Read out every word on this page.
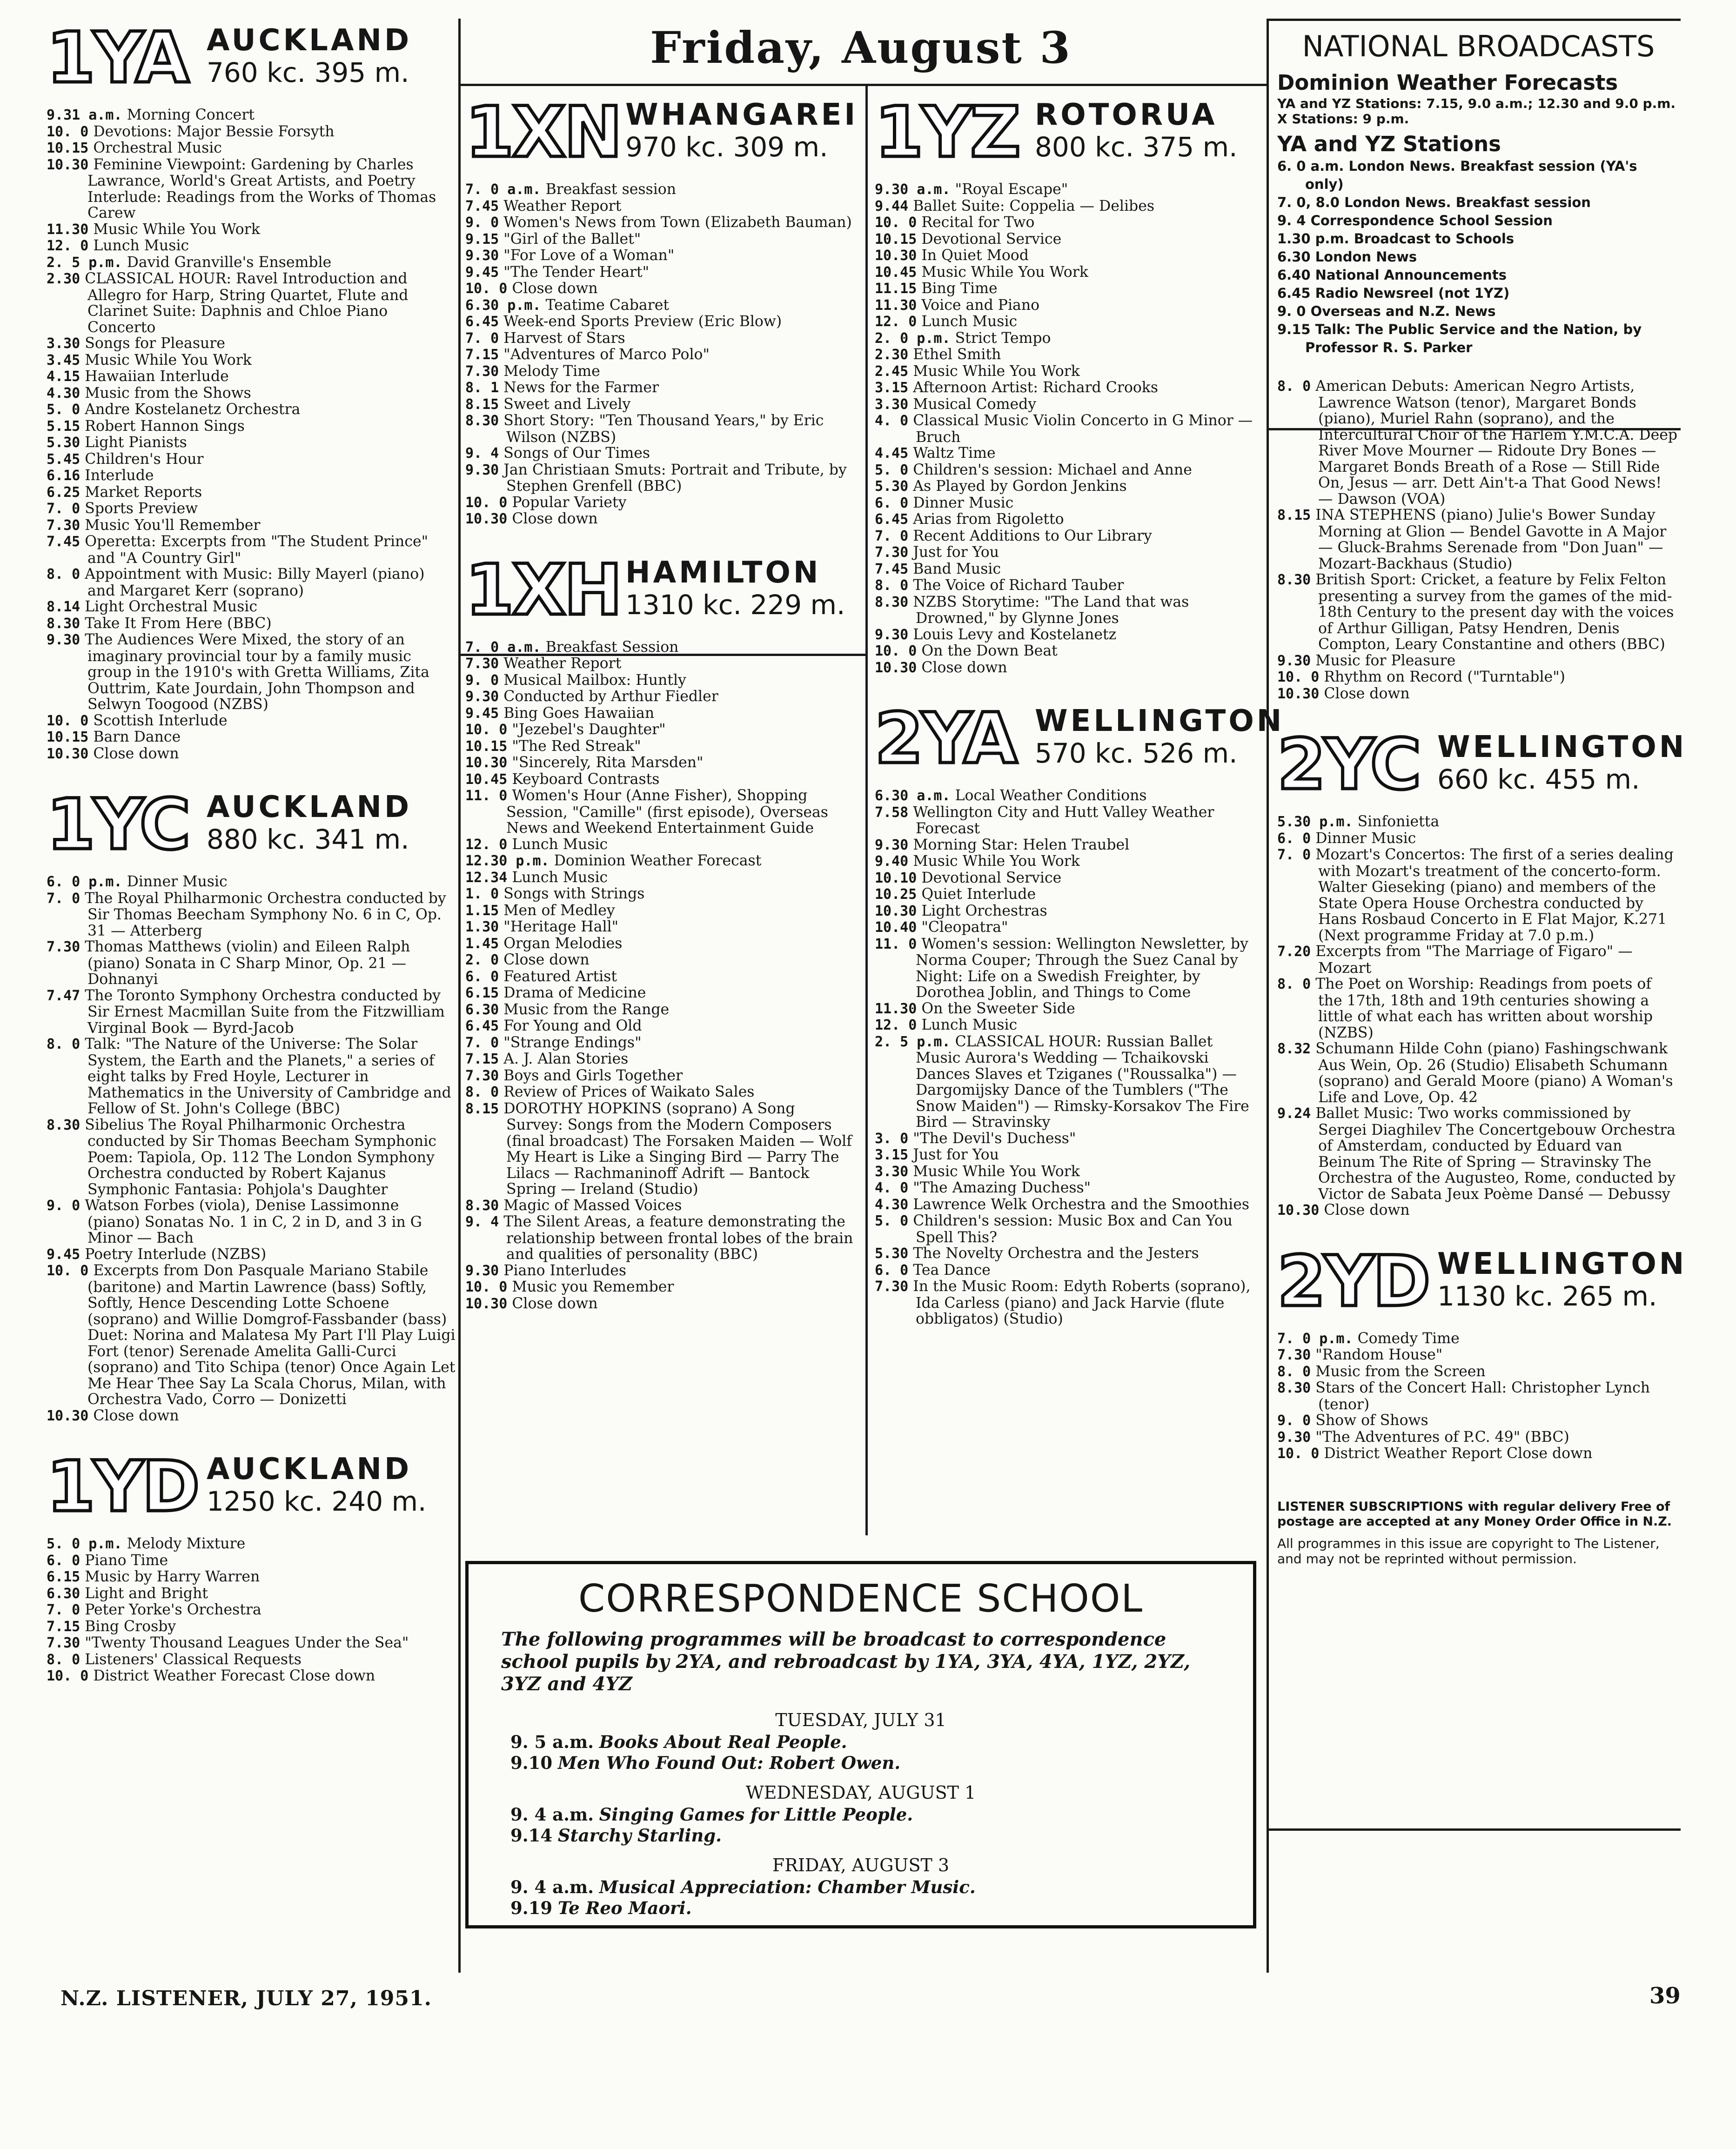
Friday, August 3
1YA AUCKLAND
760 kc. 395 m.
9.31 a.m. Morning Concert
10. 0 Devotions: Major Bessie Forsyth
10.15 Orchestral Music
10.30 Feminine Viewpoint: Gardening by Charles Lawrance, World's Great Artists, and Poetry Interlude: Readings from the Works of Thomas Carew
11.30 Music While You Work
12. 0 Lunch Music
2. 5 p.m. David Granville's Ensemble
2.30 CLASSICAL HOUR: Ravel Introduction and Allegro for Harp, String Quartet, Flute and Clarinet Suite: Daphnis and Chloe Piano Concerto
3.30 Songs for Pleasure
3.45 Music While You Work
4.15 Hawaiian Interlude
4.30 Music from the Shows
5. 0 Andre Kostelanetz Orchestra
5.15 Robert Hannon Sings
5.30 Light Pianists
5.45 Children's Hour
6.16 Interlude
6.25 Market Reports
7. 0 Sports Preview
7.30 Music You'll Remember
7.45 Operetta: Excerpts from "The Student Prince" and "A Country Girl"
8. 0 Appointment with Music: Billy Mayerl (piano) and Margaret Kerr (soprano)
8.14 Light Orchestral Music
8.30 Take It From Here (BBC)
9.30 The Audiences Were Mixed, the story of an imaginary provincial tour by a family music group in the 1910's with Gretta Williams, Zita Outtrim, Kate Jourdain, John Thompson and Selwyn Toogood (NZBS)
10. 0 Scottish Interlude
10.15 Barn Dance
10.30 Close down
1YC AUCKLAND
880 kc. 341 m.
6. 0 p.m. Dinner Music
7. 0 The Royal Philharmonic Orchestra conducted by Sir Thomas Beecham Symphony No. 6 in C, Op. 31 — Atterberg
7.30 Thomas Matthews (violin) and Eileen Ralph (piano) Sonata in C Sharp Minor, Op. 21 — Dohnanyi
7.47 The Toronto Symphony Orchestra conducted by Sir Ernest Macmillan Suite from the Fitzwilliam Virginal Book — Byrd-Jacob
8. 0 Talk: "The Nature of the Universe: The Solar System, the Earth and the Planets," a series of eight talks by Fred Hoyle, Lecturer in Mathematics in the University of Cambridge and Fellow of St. John's College (BBC)
8.30 Sibelius The Royal Philharmonic Orchestra conducted by Sir Thomas Beecham Symphonic Poem: Tapiola, Op. 112 The London Symphony Orchestra conducted by Robert Kajanus Symphonic Fantasia: Pohjola's Daughter
9. 0 Watson Forbes (viola), Denise Lassimonne (piano) Sonatas No. 1 in C, 2 in D, and 3 in G Minor — Bach
9.45 Poetry Interlude (NZBS)
10. 0 Excerpts from Don Pasquale Mariano Stabile (baritone) and Martin Lawrence (bass) Softly, Softly, Hence Descending Lotte Schoene (soprano) and Willie Domgrof-Fassbander (bass) Duet: Norina and Malatesa My Part I'll Play Luigi Fort (tenor) Serenade Amelita Galli-Curci (soprano) and Tito Schipa (tenor) Once Again Let Me Hear Thee Say La Scala Chorus, Milan, with Orchestra Vado, Corro — Donizetti
10.30 Close down
1YD AUCKLAND
1250 kc. 240 m.
5. 0 p.m. Melody Mixture
6. 0 Piano Time
6.15 Music by Harry Warren
6.30 Light and Bright
7. 0 Peter Yorke's Orchestra
7.15 Bing Crosby
7.30 "Twenty Thousand Leagues Under the Sea"
8. 0 Listeners' Classical Requests
10. 0 District Weather Forecast Close down
1XN WHANGAREI
970 kc. 309 m.
7. 0 a.m. Breakfast session
7.45 Weather Report
9. 0 Women's News from Town (Elizabeth Bauman)
9.15 "Girl of the Ballet"
9.30 "For Love of a Woman"
9.45 "The Tender Heart"
10. 0 Close down
6.30 p.m. Teatime Cabaret
6.45 Week-end Sports Preview (Eric Blow)
7. 0 Harvest of Stars
7.15 "Adventures of Marco Polo"
7.30 Melody Time
8. 1 News for the Farmer
8.15 Sweet and Lively
8.30 Short Story: "Ten Thousand Years," by Eric Wilson (NZBS)
9. 4 Songs of Our Times
9.30 Jan Christiaan Smuts: Portrait and Tribute, by Stephen Grenfell (BBC)
10. 0 Popular Variety
10.30 Close down
1XH HAMILTON
1310 kc. 229 m.
7. 0 a.m. Breakfast Session
7.30 Weather Report
9. 0 Musical Mailbox: Huntly
9.30 Conducted by Arthur Fiedler
9.45 Bing Goes Hawaiian
10. 0 "Jezebel's Daughter"
10.15 "The Red Streak"
10.30 "Sincerely, Rita Marsden"
10.45 Keyboard Contrasts
11. 0 Women's Hour (Anne Fisher), Shopping Session, "Camille" (first episode), Overseas News and Weekend Entertainment Guide
12. 0 Lunch Music
12.30 p.m. Dominion Weather Forecast
12.34 Lunch Music
1. 0 Songs with Strings
1.15 Men of Medley
1.30 "Heritage Hall"
1.45 Organ Melodies
2. 0 Close down
6. 0 Featured Artist
6.15 Drama of Medicine
6.30 Music from the Range
6.45 For Young and Old
7. 0 "Strange Endings"
7.15 A. J. Alan Stories
7.30 Boys and Girls Together
8. 0 Review of Prices of Waikato Sales
8.15 DOROTHY HOPKINS (soprano) A Song Survey: Songs from the Modern Composers (final broadcast) The Forsaken Maiden — Wolf My Heart is Like a Singing Bird — Parry The Lilacs — Rachmaninoff Adrift — Bantock Spring — Ireland (Studio)
8.30 Magic of Massed Voices
9. 4 The Silent Areas, a feature demonstrating the relationship between frontal lobes of the brain and qualities of personality (BBC)
9.30 Piano Interludes
10. 0 Music you Remember
10.30 Close down
1YZ ROTORUA
800 kc. 375 m.
9.30 a.m. "Royal Escape"
9.44 Ballet Suite: Coppelia — Delibes
10. 0 Recital for Two
10.15 Devotional Service
10.30 In Quiet Mood
10.45 Music While You Work
11.15 Bing Time
11.30 Voice and Piano
12. 0 Lunch Music
2. 0 p.m. Strict Tempo
2.30 Ethel Smith
2.45 Music While You Work
3.15 Afternoon Artist: Richard Crooks
3.30 Musical Comedy
4. 0 Classical Music Violin Concerto in G Minor — Bruch
4.45 Waltz Time
5. 0 Children's session: Michael and Anne
5.30 As Played by Gordon Jenkins
6. 0 Dinner Music
6.45 Arias from Rigoletto
7. 0 Recent Additions to Our Library
7.30 Just for You
7.45 Band Music
8. 0 The Voice of Richard Tauber
8.30 NZBS Storytime: "The Land that was Drowned," by Glynne Jones
9.30 Louis Levy and Kostelanetz
10. 0 On the Down Beat
10.30 Close down
2YA WELLINGTON
570 kc. 526 m.
6.30 a.m. Local Weather Conditions
7.58 Wellington City and Hutt Valley Weather Forecast
9.30 Morning Star: Helen Traubel
9.40 Music While You Work
10.10 Devotional Service
10.25 Quiet Interlude
10.30 Light Orchestras
10.40 "Cleopatra"
11. 0 Women's session: Wellington Newsletter, by Norma Couper; Through the Suez Canal by Night: Life on a Swedish Freighter, by Dorothea Joblin, and Things to Come
11.30 On the Sweeter Side
12. 0 Lunch Music
2. 5 p.m. CLASSICAL HOUR: Russian Ballet Music Aurora's Wedding — Tchaikovski Dances Slaves et Tziganes ("Roussalka") — Dargomijsky Dance of the Tumblers ("The Snow Maiden") — Rimsky-Korsakov The Fire Bird — Stravinsky
3. 0 "The Devil's Duchess"
3.15 Just for You
3.30 Music While You Work
4. 0 "The Amazing Duchess"
4.30 Lawrence Welk Orchestra and the Smoothies
5. 0 Children's session: Music Box and Can You Spell This?
5.30 The Novelty Orchestra and the Jesters
6. 0 Tea Dance
7.30 In the Music Room: Edyth Roberts (soprano), Ida Carless (piano) and Jack Harvie (flute obbligatos) (Studio)
NATIONAL BROADCASTS
Dominion Weather Forecasts
YA and YZ Stations: 7.15, 9.0 a.m.; 12.30 and 9.0 p.m.
X Stations: 9 p.m.
YA and YZ Stations
6. 0 a.m. London News. Breakfast session (YA's only)
7. 0, 8.0 London News. Breakfast session
9. 4 Correspondence School Session
1.30 p.m. Broadcast to Schools
6.30 London News
6.40 National Announcements
6.45 Radio Newsreel (not 1YZ)
9. 0 Overseas and N.Z. News
9.15 Talk: The Public Service and the Nation, by Professor R. S. Parker
8. 0 American Debuts: American Negro Artists, Lawrence Watson (tenor), Margaret Bonds (piano), Muriel Rahn (soprano), and the Intercultural Choir of the Harlem Y.M.C.A. Deep River Move Mourner — Ridoute Dry Bones — Margaret Bonds Breath of a Rose — Still Ride On, Jesus — arr. Dett Ain't-a That Good News! — Dawson (VOA)
8.15 INA STEPHENS (piano) Julie's Bower Sunday Morning at Glion — Bendel Gavotte in A Major — Gluck-Brahms Serenade from "Don Juan" — Mozart-Backhaus (Studio)
8.30 British Sport: Cricket, a feature by Felix Felton presenting a survey from the games of the mid-18th Century to the present day with the voices of Arthur Gilligan, Patsy Hendren, Denis Compton, Leary Constantine and others (BBC)
9.30 Music for Pleasure
10. 0 Rhythm on Record ("Turntable")
10.30 Close down
2YC WELLINGTON
660 kc. 455 m.
5.30 p.m. Sinfonietta
6. 0 Dinner Music
7. 0 Mozart's Concertos: The first of a series dealing with Mozart's treatment of the concerto-form. Walter Gieseking (piano) and members of the State Opera House Orchestra conducted by Hans Rosbaud Concerto in E Flat Major, K.271 (Next programme Friday at 7.0 p.m.)
7.20 Excerpts from "The Marriage of Figaro" — Mozart
8. 0 The Poet on Worship: Readings from poets of the 17th, 18th and 19th centuries showing a little of what each has written about worship (NZBS)
8.32 Schumann Hilde Cohn (piano) Fashingschwank Aus Wein, Op. 26 (Studio) Elisabeth Schumann (soprano) and Gerald Moore (piano) A Woman's Life and Love, Op. 42
9.24 Ballet Music: Two works commissioned by Sergei Diaghilev The Concertgebouw Orchestra of Amsterdam, conducted by Eduard van Beinum The Rite of Spring — Stravinsky The Orchestra of the Augusteo, Rome, conducted by Victor de Sabata Jeux Poème Dansé — Debussy
10.30 Close down
2YD WELLINGTON
1130 kc. 265 m.
7. 0 p.m. Comedy Time
7.30 "Random House"
8. 0 Music from the Screen
8.30 Stars of the Concert Hall: Christopher Lynch (tenor)
9. 0 Show of Shows
9.30 "The Adventures of P.C. 49" (BBC)
10. 0 District Weather Report Close down
LISTENER SUBSCRIPTIONS with regular delivery Free of postage are accepted at any Money Order Office in N.Z.
All programmes in this issue are copyright to The Listener, and may not be reprinted without permission.
CORRESPONDENCE SCHOOL
The following programmes will be broadcast to correspondence school pupils by 2YA, and rebroadcast by 1YA, 3YA, 4YA, 1YZ, 2YZ, 3YZ and 4YZ
TUESDAY, JULY 31
9. 5 a.m. Books About Real People.
9.10 Men Who Found Out: Robert Owen.
WEDNESDAY, AUGUST 1
9. 4 a.m. Singing Games for Little People.
9.14 Starchy Starling.
FRIDAY, AUGUST 3
9. 4 a.m. Musical Appreciation: Chamber Music.
9.19 Te Reo Maori.
N.Z. LISTENER, JULY 27, 1951.	39
